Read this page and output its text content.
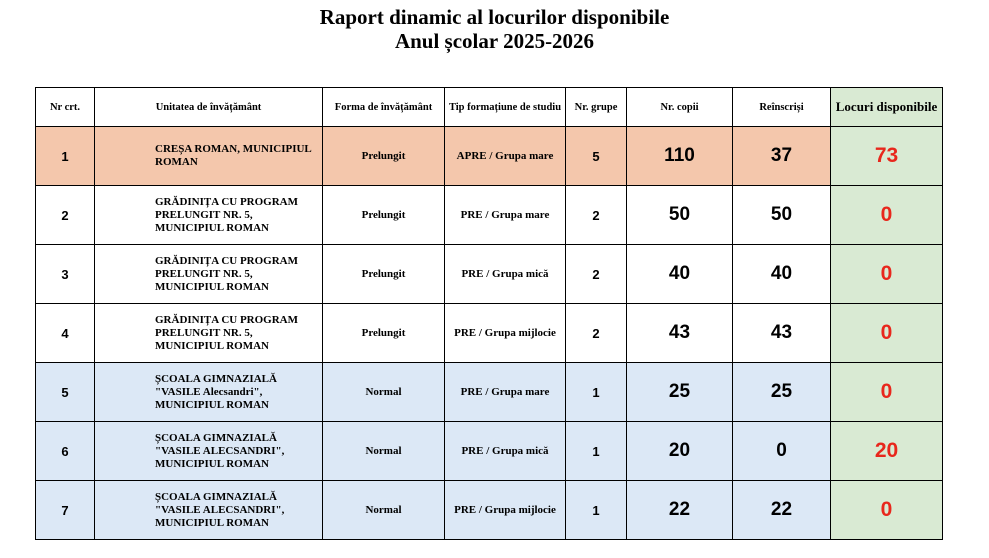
Raport dinamic al locurilor disponibile
Anul școlar 2025-2026
Nr crt.	Unitatea de învățământ	Forma de învățământ	Tip formațiune de studiu	Nr. grupe	Nr. copii	Reînscriși	Locuri disponibile
1	CREȘA ROMAN, MUNICIPIUL ROMAN	Prelungit	APRE / Grupa mare	5	110	37	73
2	GRĂDINIȚA CU PROGRAM PRELUNGIT NR. 5, MUNICIPIUL ROMAN	Prelungit	PRE / Grupa mare	2	50	50	0
3	GRĂDINIȚA CU PROGRAM PRELUNGIT NR. 5, MUNICIPIUL ROMAN	Prelungit	PRE / Grupa mică	2	40	40	0
4	GRĂDINIȚA CU PROGRAM PRELUNGIT NR. 5, MUNICIPIUL ROMAN	Prelungit	PRE / Grupa mijlocie	2	43	43	0
5	ȘCOALA GIMNAZIALĂ "VASILE Alecsandri", MUNICIPIUL ROMAN	Normal	PRE / Grupa mare	1	25	25	0
6	ȘCOALA GIMNAZIALĂ "VASILE ALECSANDRI", MUNICIPIUL ROMAN	Normal	PRE / Grupa mică	1	20	0	20
7	ȘCOALA GIMNAZIALĂ "VASILE ALECSANDRI", MUNICIPIUL ROMAN	Normal	PRE / Grupa mijlocie	1	22	22	0
